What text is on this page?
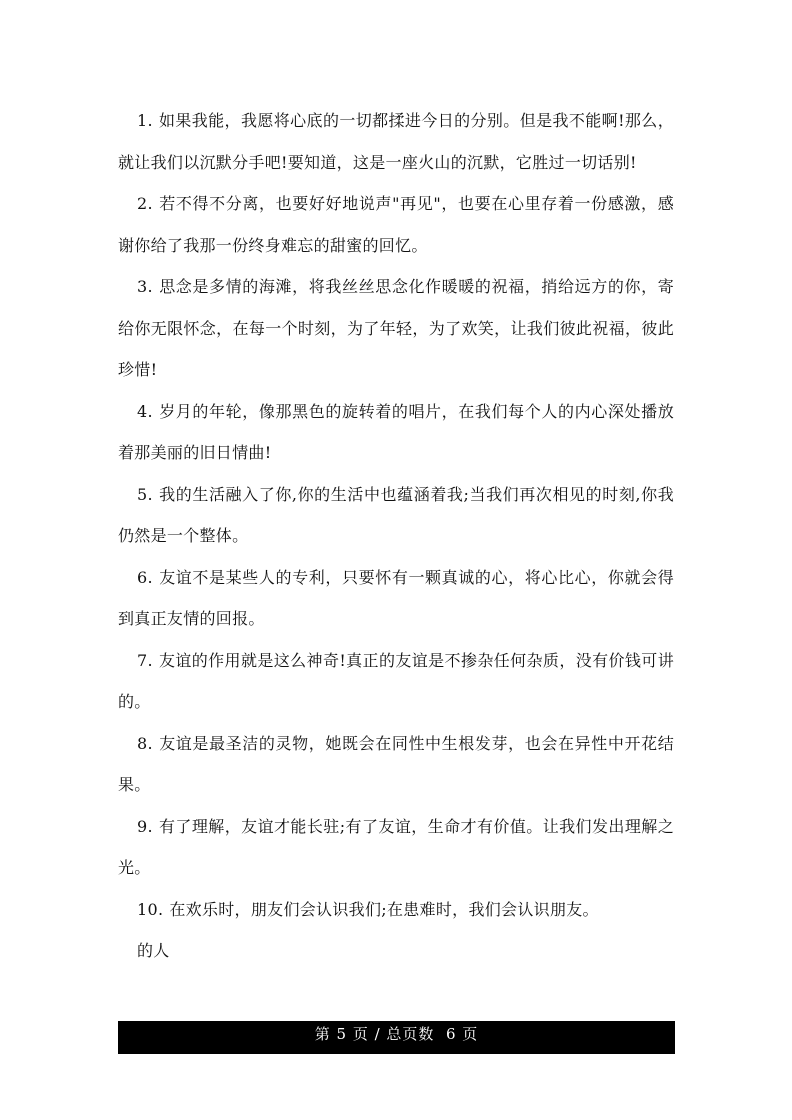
1. 如果我能，我愿将心底的一切都揉进今日的分别。但是我不能啊!那么，就让我们以沉默分手吧!要知道，这是一座火山的沉默，它胜过一切话别!

2. 若不得不分离，也要好好地说声"再见"，也要在心里存着一份感激，感谢你给了我那一份终身难忘的甜蜜的回忆。

3. 思念是多情的海滩，将我丝丝思念化作暖暖的祝福，捎给远方的你，寄给你无限怀念，在每一个时刻，为了年轻，为了欢笑，让我们彼此祝福，彼此珍惜!

4. 岁月的年轮，像那黑色的旋转着的唱片，在我们每个人的内心深处播放着那美丽的旧日情曲!

5. 我的生活融入了你,你的生活中也蕴涵着我;当我们再次相见的时刻,你我仍然是一个整体。

6. 友谊不是某些人的专利，只要怀有一颗真诚的心，将心比心，你就会得到真正友情的回报。

7. 友谊的作用就是这么神奇!真正的友谊是不掺杂任何杂质，没有价钱可讲的。

8. 友谊是最圣洁的灵物，她既会在同性中生根发芽，也会在异性中开花结果。

9. 有了理解，友谊才能长驻;有了友谊，生命才有价值。让我们发出理解之光。

10. 在欢乐时，朋友们会认识我们;在患难时，我们会认识朋友。

的人

第
5
页 / 总页数
6
页
